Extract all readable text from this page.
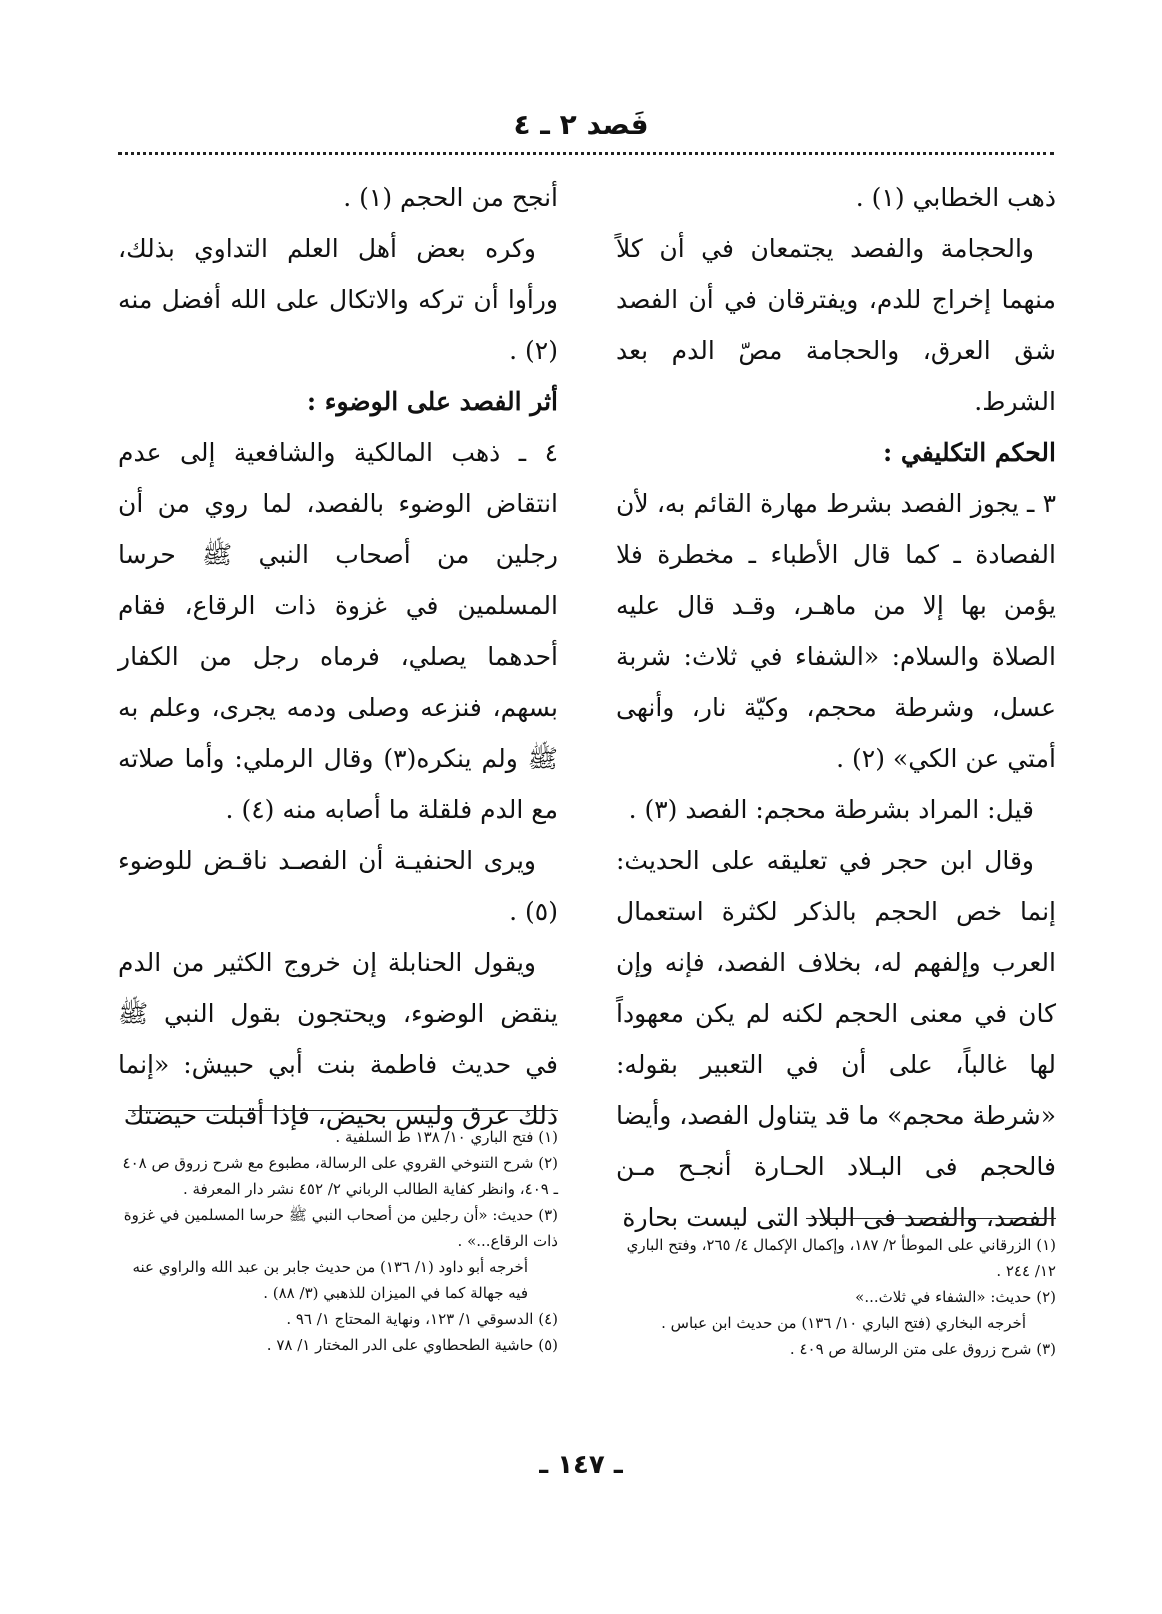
فَصد ٢ ـ ٤

ذهب الخطابي (١) .

والحجامة والفصد يجتمعان في أن كلاً منهما إخراج للدم، ويفترقان في أن الفصد شق العرق، والحجامة مصّ الدم بعد الشرط.

الحكم التكليفي :

٣ ـ يجوز الفصد بشرط مهارة القائم به، لأن الفصادة ـ كما قال الأطباء ـ مخطرة فلا يؤمن بها إلا من ماهـر، وقـد قال عليه الصلاة والسلام: «الشفاء في ثلاث: شربة عسل، وشرطة محجم، وكيّة نار، وأنهى أمتي عن الكي» (٢) .

قيل: المراد بشرطة محجم: الفصد (٣) .

وقال ابن حجر في تعليقه على الحديث: إنما خص الحجم بالذكر لكثرة استعمال العرب وإلفهم له، بخلاف الفصد، فإنه وإن كان في معنى الحجم لكنه لم يكن معهوداً لها غالباً، على أن في التعبير بقوله: «شرطة محجم» ما قد يتناول الفصد، وأيضا فالحجم فى البـلاد الحـارة أنجـح مـن الفصد، والفصد فى البلاد التى ليست بحارة

أنجح من الحجم (١) .

وكره بعض أهل العلم التداوي بذلك، ورأوا أن تركه والاتكال على الله أفضل منه (٢) .

أثر الفصد على الوضوء :

٤ ـ ذهب المالكية والشافعية إلى عدم انتقاض الوضوء بالفصد، لما روي من أن رجلين من أصحاب النبي ﷺ حرسا المسلمين في غزوة ذات الرقاع، فقام أحدهما يصلي، فرماه رجل من الكفار بسهم، فنزعه وصلى ودمه يجرى، وعلم به ﷺ ولم ينكره(٣) وقال الرملي: وأما صلاته مع الدم فلقلة ما أصابه منه (٤) .

ويرى الحنفيـة أن الفصـد ناقـض للوضوء (٥) .

ويقول الحنابلة إن خروج الكثير من الدم ينقض الوضوء، ويحتجون بقول النبي ﷺ في حديث فاطمة بنت أبي حبيش: «إنما ذلك عرق وليس بحيض، فإذا أقبلت حيضتك

(١) الزرقاني على الموطأ ٢/ ١٨٧، وإكمال الإكمال ٤/ ٢٦٥، وفتح الباري ١٢/ ٢٤٤ .

(٢) حديث: «الشفاء في ثلاث...»

أخرجه البخاري (فتح الباري ١٠/ ١٣٦) من حديث ابن عباس .

(٣) شرح زروق على متن الرسالة ص ٤٠٩ .

(١) فتح الباري ١٠/ ١٣٨ ط السلفية .

(٢) شرح التنوخي القروي على الرسالة، مطبوع مع شرح زروق ص ٤٠٨ ـ ٤٠٩، وانظر كفاية الطالب الرباني ٢/ ٤٥٢ نشر دار المعرفة .

(٣) حديث: «أن رجلين من أصحاب النبي ﷺ حرسا المسلمين في غزوة ذات الرقاع...» .

أخرجه أبو داود (١/ ١٣٦) من حديث جابر بن عبد الله والراوي عنه فيه جهالة كما في الميزان للذهبي (٣/ ٨٨) .

(٤) الدسوقي ١/ ١٢٣، ونهاية المحتاج ١/ ٩٦ .

(٥) حاشية الطحطاوي على الدر المختار ١/ ٧٨ .

ـ ١٤٧ ـ
